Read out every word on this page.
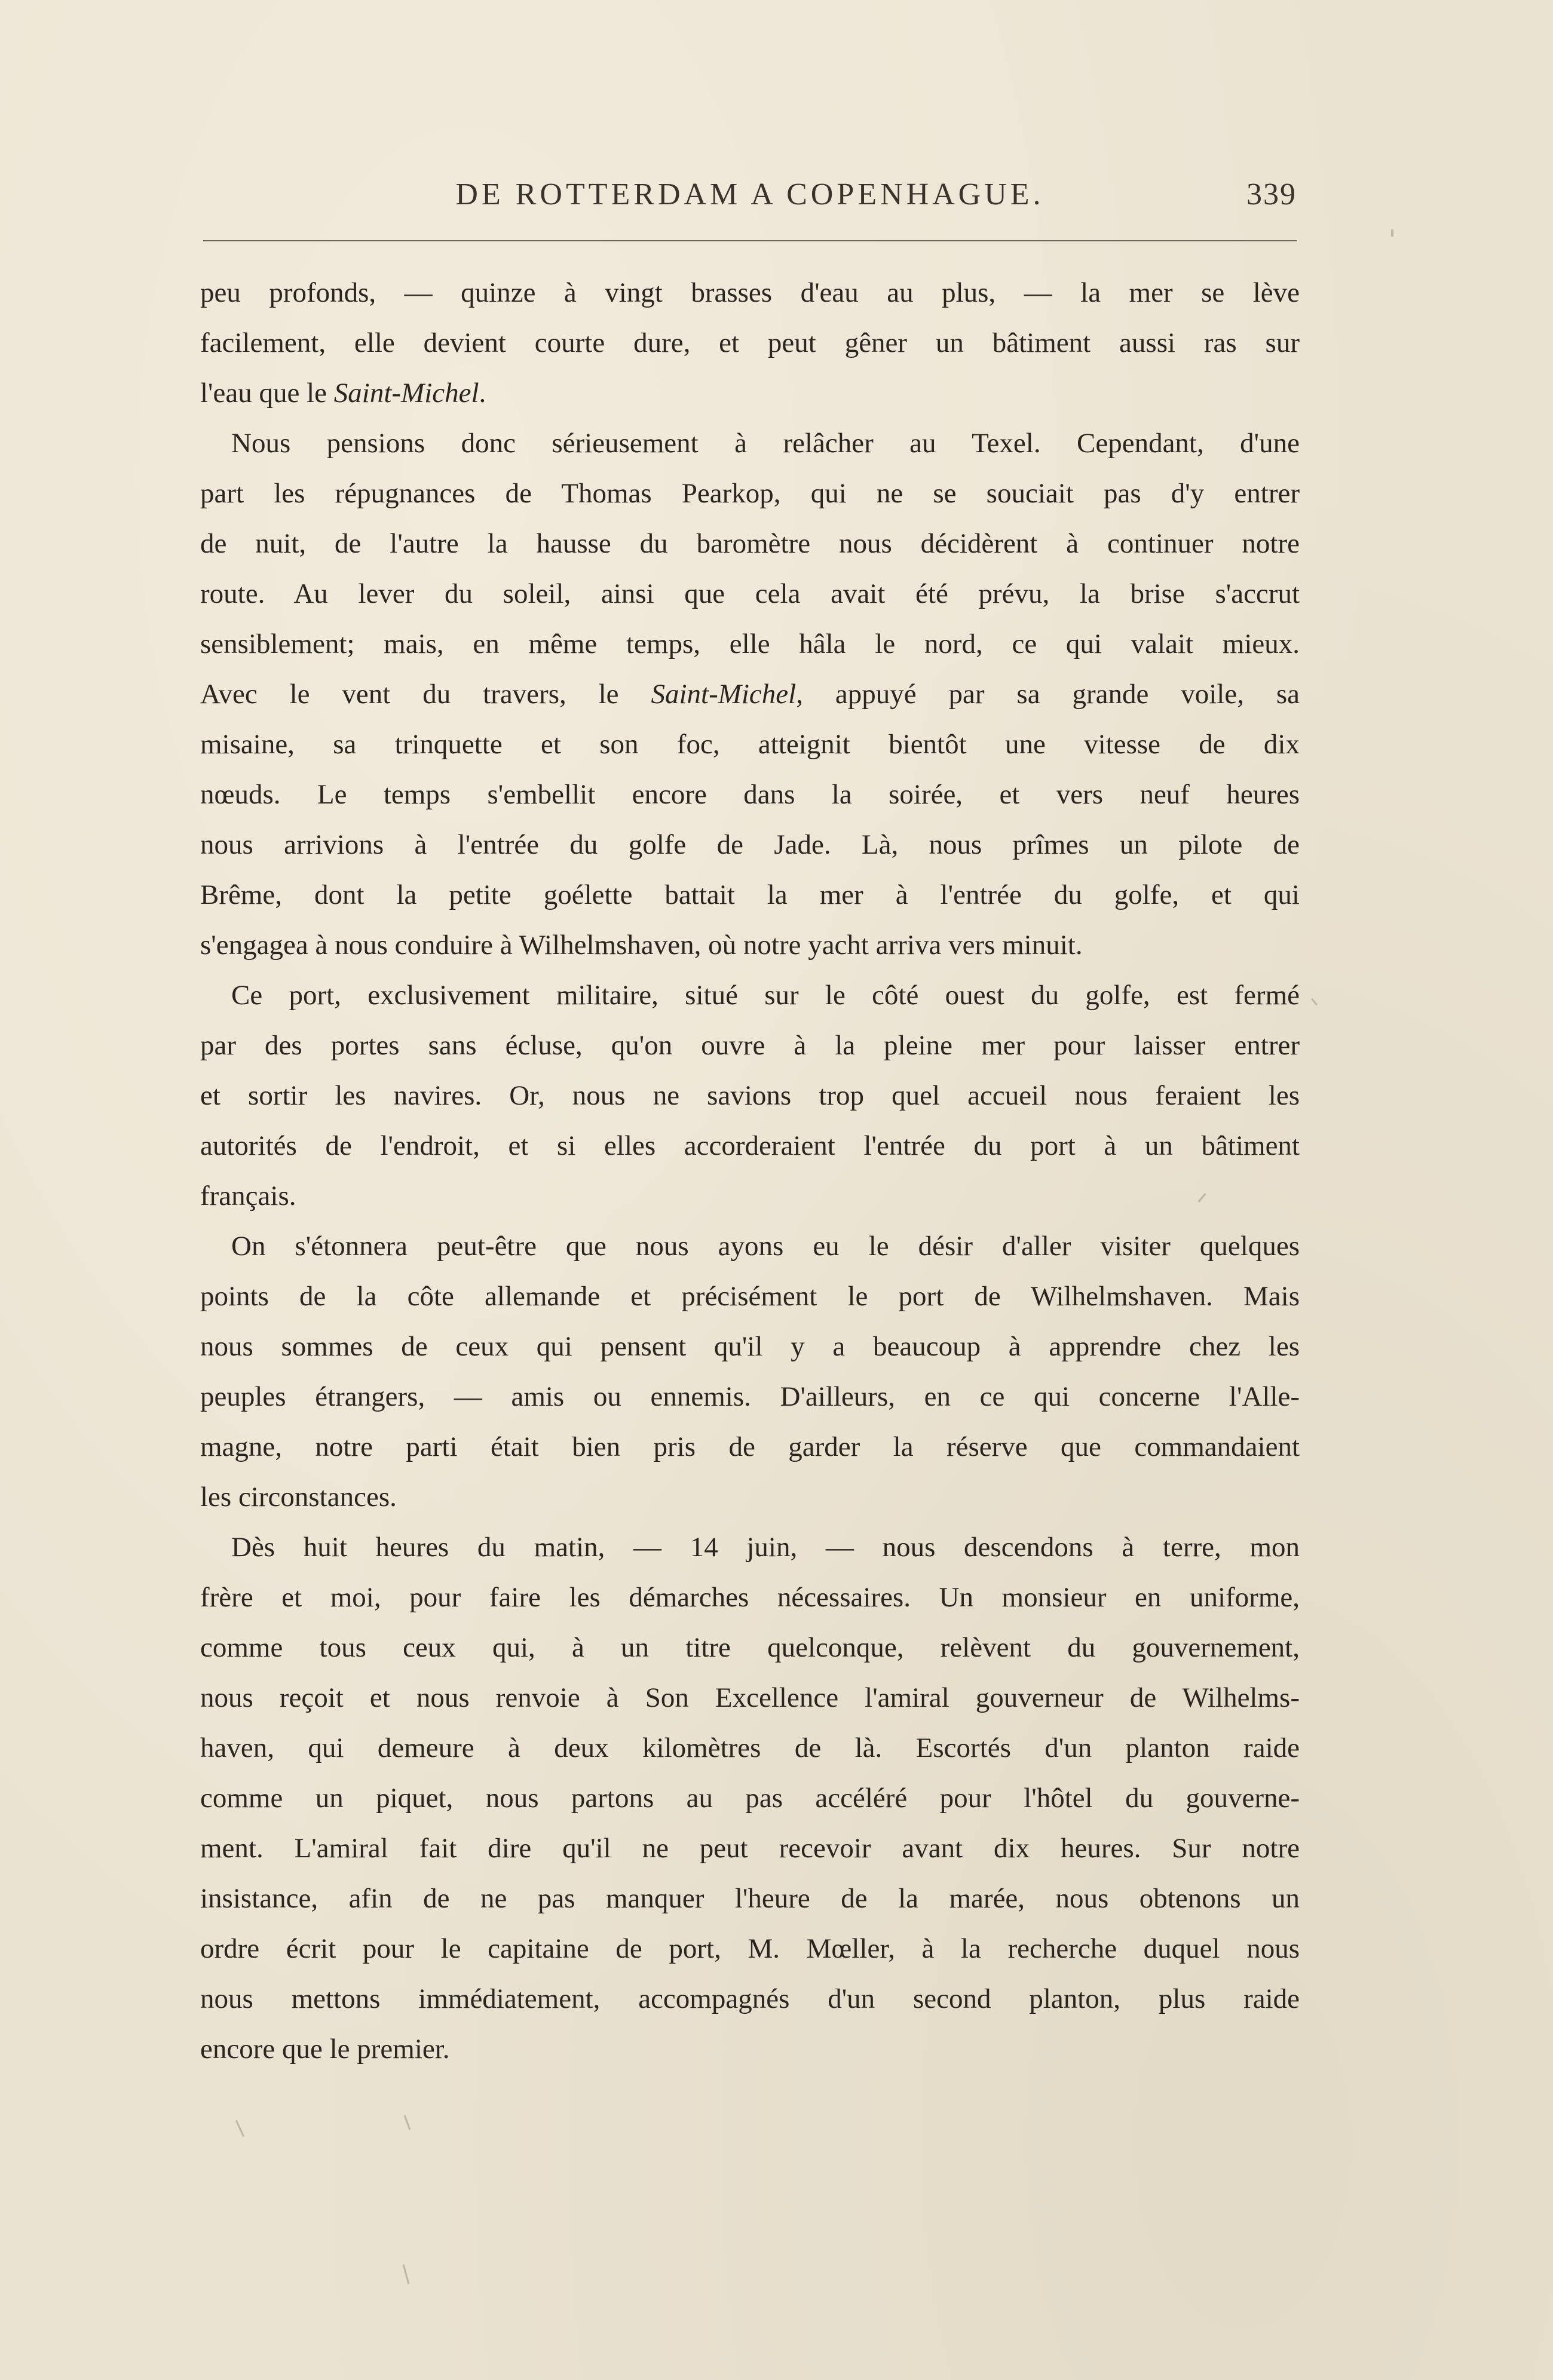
DE ROTTERDAM A COPENHAGUE.	339
peu profonds, — quinze à vingt brasses d'eau au plus, — la mer se lève
facilement, elle devient courte dure, et peut gêner un bâtiment aussi ras sur
l'eau que le Saint-Michel.
Nous pensions donc sérieusement à relâcher au Texel. Cependant, d'une
part les répugnances de Thomas Pearkop, qui ne se souciait pas d'y entrer
de nuit, de l'autre la hausse du baromètre nous décidèrent à continuer notre
route. Au lever du soleil, ainsi que cela avait été prévu, la brise s'accrut
sensiblement; mais, en même temps, elle hâla le nord, ce qui valait mieux.
Avec le vent du travers, le Saint-Michel, appuyé par sa grande voile, sa
misaine, sa trinquette et son foc, atteignit bientôt une vitesse de dix
nœuds. Le temps s'embellit encore dans la soirée, et vers neuf heures
nous arrivions à l'entrée du golfe de Jade. Là, nous prîmes un pilote de
Brême, dont la petite goélette battait la mer à l'entrée du golfe, et qui
s'engagea à nous conduire à Wilhelmshaven, où notre yacht arriva vers minuit.
Ce port, exclusivement militaire, situé sur le côté ouest du golfe, est fermé
par des portes sans écluse, qu'on ouvre à la pleine mer pour laisser entrer
et sortir les navires. Or, nous ne savions trop quel accueil nous feraient les
autorités de l'endroit, et si elles accorderaient l'entrée du port à un bâtiment
français.
On s'étonnera peut-être que nous ayons eu le désir d'aller visiter quelques
points de la côte allemande et précisément le port de Wilhelmshaven. Mais
nous sommes de ceux qui pensent qu'il y a beaucoup à apprendre chez les
peuples étrangers, — amis ou ennemis. D'ailleurs, en ce qui concerne l'Alle-
magne, notre parti était bien pris de garder la réserve que commandaient
les circonstances.
Dès huit heures du matin, — 14 juin, — nous descendons à terre, mon
frère et moi, pour faire les démarches nécessaires. Un monsieur en uniforme,
comme tous ceux qui, à un titre quelconque, relèvent du gouvernement,
nous reçoit et nous renvoie à Son Excellence l'amiral gouverneur de Wilhelms-
haven, qui demeure à deux kilomètres de là. Escortés d'un planton raide
comme un piquet, nous partons au pas accéléré pour l'hôtel du gouverne-
ment. L'amiral fait dire qu'il ne peut recevoir avant dix heures. Sur notre
insistance, afin de ne pas manquer l'heure de la marée, nous obtenons un
ordre écrit pour le capitaine de port, M. Mœller, à la recherche duquel nous
nous mettons immédiatement, accompagnés d'un second planton, plus raide
encore que le premier.
